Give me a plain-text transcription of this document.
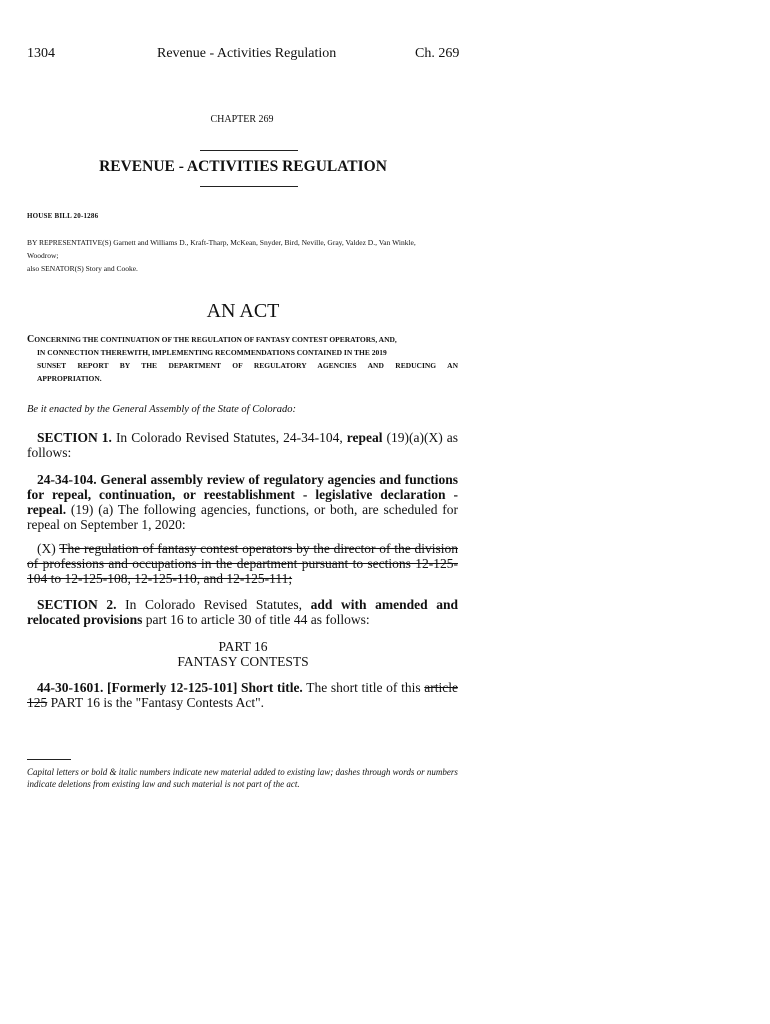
1304	Revenue - Activities Regulation	Ch. 269
CHAPTER 269
REVENUE - ACTIVITIES REGULATION
HOUSE BILL 20-1286
BY REPRESENTATIVE(S) Garnett and Williams D., Kraft-Tharp, McKean, Snyder, Bird, Neville, Gray, Valdez D., Van Winkle,
Woodrow;
also SENATOR(S) Story and Cooke.
AN ACT
CONCERNING THE CONTINUATION OF THE REGULATION OF FANTASY CONTEST OPERATORS, AND,
IN CONNECTION THEREWITH, IMPLEMENTING RECOMMENDATIONS CONTAINED IN THE 2019
SUNSET REPORT BY THE DEPARTMENT OF REGULATORY AGENCIES AND REDUCING AN
APPROPRIATION.
Be it enacted by the General Assembly of the State of Colorado:
SECTION 1. In Colorado Revised Statutes, 24-34-104, repeal (19)(a)(X) as follows:
24-34-104. General assembly review of regulatory agencies and functions for repeal, continuation, or reestablishment - legislative declaration - repeal. (19) (a) The following agencies, functions, or both, are scheduled for repeal on September 1, 2020:
(X) The regulation of fantasy contest operators by the director of the division of professions and occupations in the department pursuant to sections 12-125-104 to 12-125-108, 12-125-110, and 12-125-111;
SECTION 2. In Colorado Revised Statutes, add with amended and relocated provisions part 16 to article 30 of title 44 as follows:
PART 16
FANTASY CONTESTS
44-30-1601. [Formerly 12-125-101] Short title. The short title of this article 125 PART 16 is the "Fantasy Contests Act".
Capital letters or bold & italic numbers indicate new material added to existing law; dashes through words or numbers indicate deletions from existing law and such material is not part of the act.
